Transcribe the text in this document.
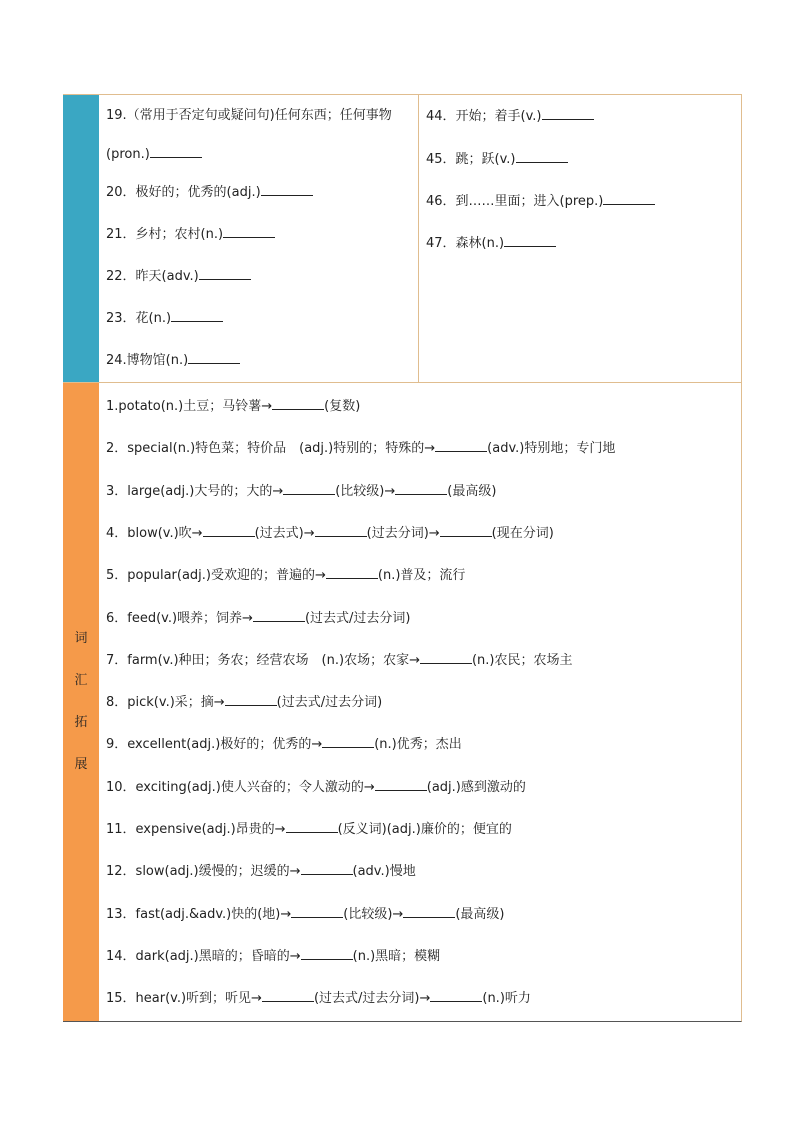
19.（常用于否定句或疑问句)任何东西；任何事物
(pron.)
20．极好的；优秀的(adj.)
21．乡村；农村(n.)
22．昨天(adv.)
23．花(n.)
24.博物馆(n.)
44．开始；着手(v.)
45．跳；跃(v.)
46．到……里面；进入(prep.)
47．森林(n.)
词
汇
拓
展
1.potato(n.)土豆；马铃薯→	(复数)
2．special(n.)特色菜；特价品　(adj.)特别的；特殊的→	(adv.)特别地；专门地
3．large(adj.)大号的；大的→	(比较级)→	(最高级)
4．blow(v.)吹→	(过去式)→	(过去分词)→	(现在分词)
5．popular(adj.)受欢迎的；普遍的→	(n.)普及；流行
6．feed(v.)喂养；饲养→	(过去式/过去分词)
7．farm(v.)种田；务农；经营农场　(n.)农场；农家→	(n.)农民；农场主
8．pick(v.)采；摘→	(过去式/过去分词)
9．excellent(adj.)极好的；优秀的→	(n.)优秀；杰出
10．exciting(adj.)使人兴奋的；令人激动的→	(adj.)感到激动的
11．expensive(adj.)昂贵的→	(反义词)(adj.)廉价的；便宜的
12．slow(adj.)缓慢的；迟缓的→	(adv.)慢地
13．fast(adj.&adv.)快的(地)→	(比较级)→	(最高级)
14．dark(adj.)黑暗的；昏暗的→	(n.)黑暗；模糊
15．hear(v.)听到；听见→	(过去式/过去分词)→	(n.)听力
